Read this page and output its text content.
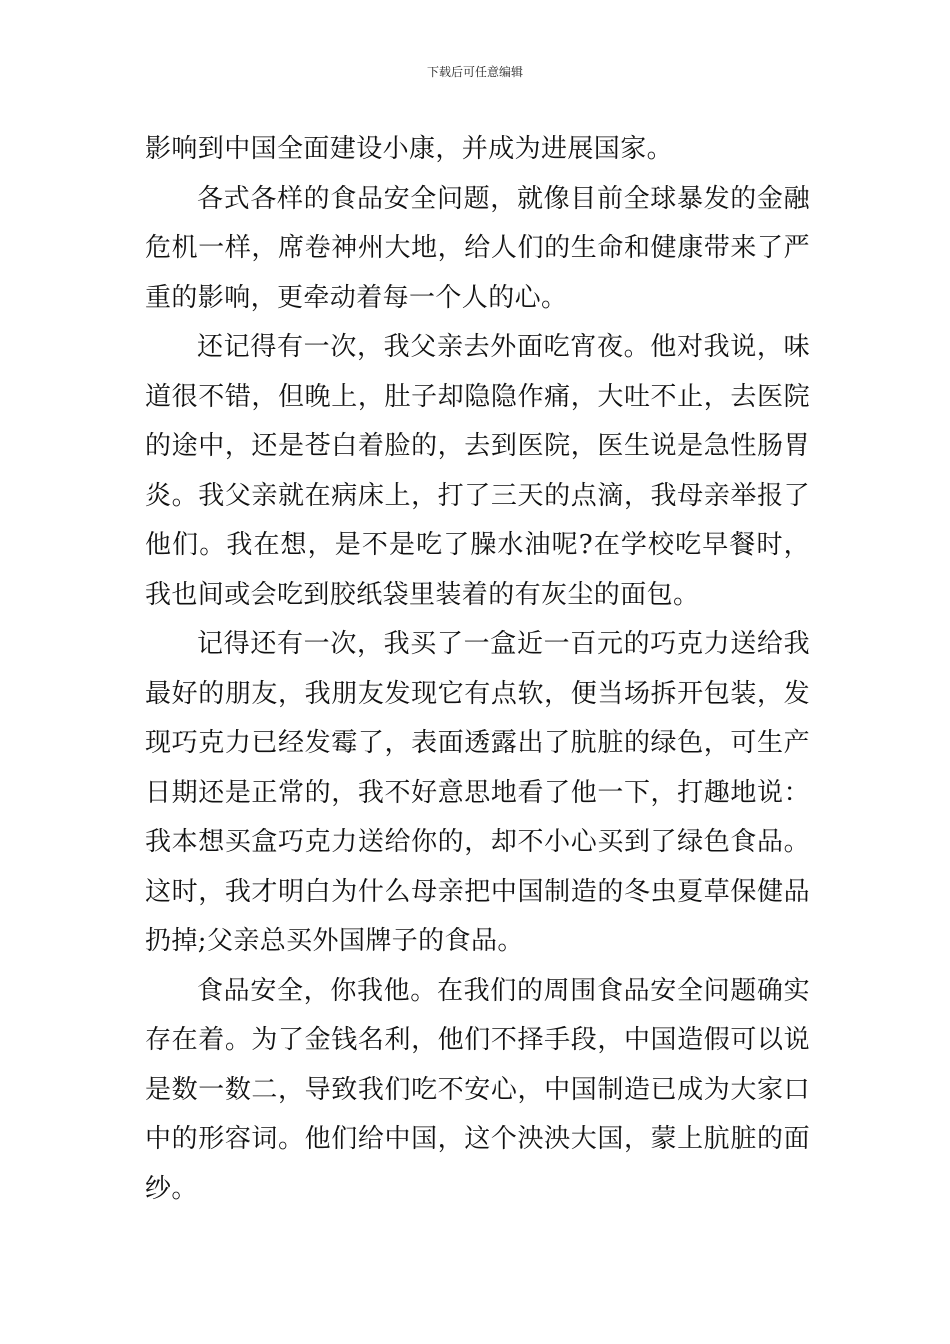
下载后可任意编辑

影响到中国全面建设小康，并成为进展国家。

各式各样的食品安全问题，就像目前全球暴发的金融危机一样，席卷神州大地，给人们的生命和健康带来了严重的影响，更牵动着每一个人的心。

还记得有一次，我父亲去外面吃宵夜。他对我说，味道很不错，但晚上，肚子却隐隐作痛，大吐不止，去医院的途中，还是苍白着脸的，去到医院，医生说是急性肠胃炎。我父亲就在病床上，打了三天的点滴，我母亲举报了他们。我在想，是不是吃了臊水油呢?在学校吃早餐时，我也间或会吃到胶纸袋里装着的有灰尘的面包。

记得还有一次，我买了一盒近一百元的巧克力送给我最好的朋友，我朋友发现它有点软，便当场拆开包装，发现巧克力已经发霉了，表面透露出了肮脏的绿色，可生产日期还是正常的，我不好意思地看了他一下，打趣地说：我本想买盒巧克力送给你的，却不小心买到了绿色食品。这时，我才明白为什么母亲把中国制造的冬虫夏草保健品扔掉;父亲总买外国牌子的食品。

食品安全，你我他。在我们的周围食品安全问题确实存在着。为了金钱名利，他们不择手段，中国造假可以说是数一数二，导致我们吃不安心，中国制造已成为大家口中的形容词。他们给中国，这个泱泱大国，蒙上肮脏的面纱。
